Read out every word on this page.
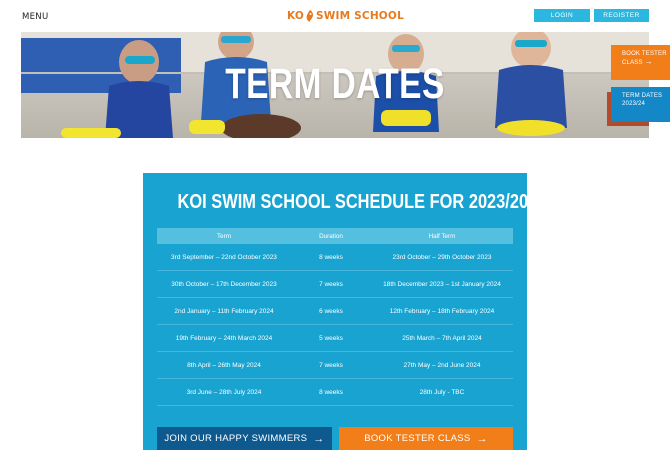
MENU	KO SWIM SCHOOL	LOGIN	REGISTER
TERM DATES
BOOK TESTER
CLASS →
TERM DATES
2023/24
KOI SWIM SCHOOL SCHEDULE FOR 2023/2024
Term	Duration	Half Term
3rd September – 22nd October 2023	8 weeks	23rd October – 29th October 2023
30th October – 17th December 2023	7 weeks	18th December 2023 – 1st January 2024
2nd January – 11th February 2024	6 weeks	12th February – 18th February 2024
19th February – 24th March 2024	5 weeks	25th March – 7th April 2024
8th April – 26th May 2024	7 weeks	27th May – 2nd June 2024
3rd June – 28th July 2024	8 weeks	28th July - TBC
JOIN OUR HAPPY SWIMMERS →	BOOK TESTER CLASS →
